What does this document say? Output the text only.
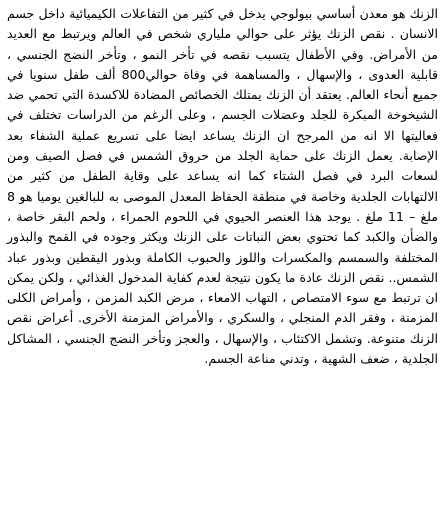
الزنك هو معدن أساسي بيولوجي يدخل في كثير من التفاعلات الكيميائية داخل جسم الانسان . نقص الزنك يؤثر على حوالي ملياري شخص في العالم ويرتبط مع العديد من الأمراض. وفي الأطفال يتسبب نقصه في تأخر النمو ، وتأخر النضج الجنسي ، قابلية العدوى ، والإسهال ، والمساهمة في وفاة حوالي800 ألف طفل سنويا في جميع أنحاء العالم. يعتقد أن الزنك يمتلك الخصائص المضادة للاكسدة التي تحمي ضد الشيخوخة المبكرة للجلد وعضلات الجسم ، وعلى الرغم من الدراسات تختلف في فعاليتها الا انه من المرجح ان الزنك يساعد ايضا على تسريع عملية الشفاء بعد الإصابة. يعمل الزنك على حماية الجلد من حروق الشمس في فصل الصيف ومن لسعات البرد في فصل الشتاء كما انه يساعد على وقاية الطفل من كثير من الالتهابات الجلدية وخاصة في منطقة الحفاظ المعدل الموصى به للبالغين يوميا هو 8 ملغ – 11 ملغ . يوجد هذا العنصر الحيوي في اللحوم الحمراء ، ولحم البقر خاصة ، والضأن والكبد كما تحتوي بعض النباتات على الزنك ويكثر وجوده في القمح والبذور المختلفة والسمسم والمكسرات واللوز والحبوب الكاملة وبذور اليقطين وبذور عباد الشمس.. نقص الزنك عادة ما يكون نتيجة لعدم كفاية المدخول الغذائي ، ولكن يمكن ان ترتبط مع سوء الامتصاص ، التهاب الامعاء ، مرض الكبد المزمن ، وأمراض الكلى المزمنة ، وفقر الدم المنجلي ، والسكري ، والأمراض المزمنة الأخرى. أعراض نقص الزنك متنوعة. وتشمل الاكتئاب ، والإسهال ، والعجز وتأخر النضج الجنسي ، المشاكل الجلدية ، ضعف الشهية ، وتدني مناعة الجسم.
